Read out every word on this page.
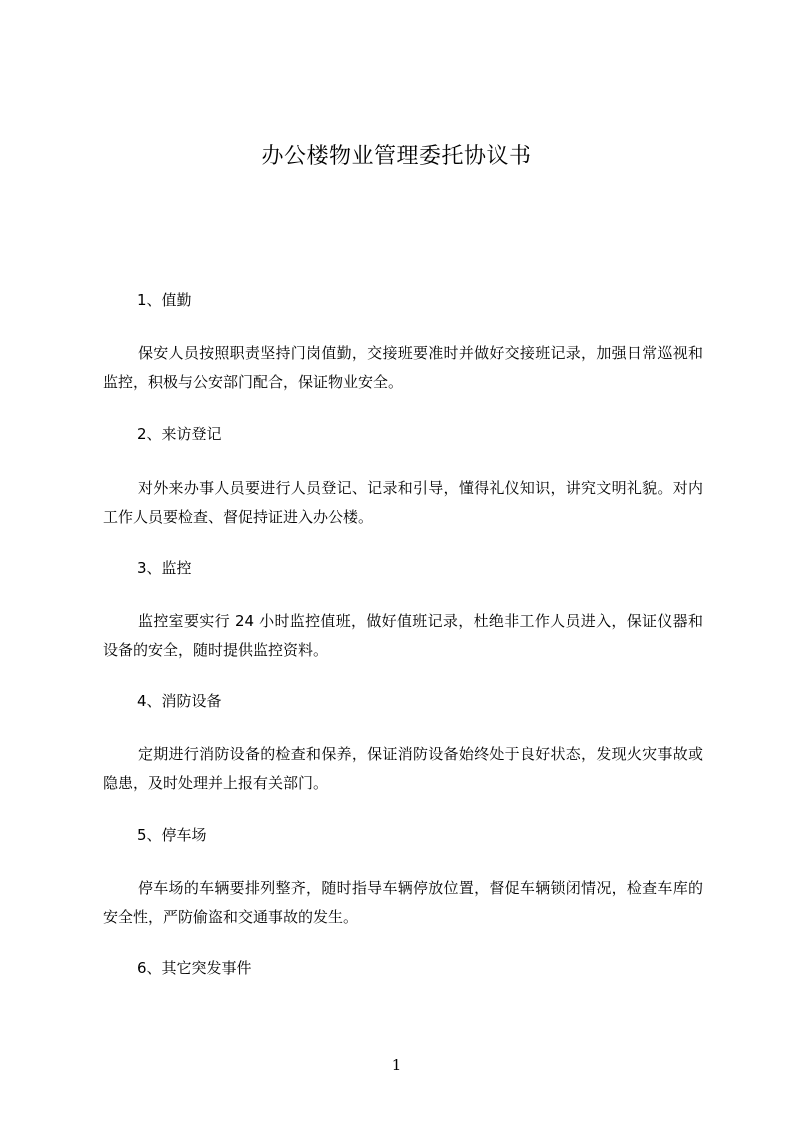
办公楼物业管理委托协议书
1、值勤
保安人员按照职责坚持门岗值勤，交接班要准时并做好交接班记录，加强日常巡视和监控，积极与公安部门配合，保证物业安全。
2、来访登记
对外来办事人员要进行人员登记、记录和引导，懂得礼仪知识，讲究文明礼貌。对内工作人员要检查、督促持证进入办公楼。
3、监控
监控室要实行 24 小时监控值班，做好值班记录，杜绝非工作人员进入，保证仪器和设备的安全，随时提供监控资料。
4、消防设备
定期进行消防设备的检查和保养，保证消防设备始终处于良好状态，发现火灾事故或隐患，及时处理并上报有关部门。
5、停车场
停车场的车辆要排列整齐，随时指导车辆停放位置，督促车辆锁闭情况，检查车库的安全性，严防偷盗和交通事故的发生。
6、其它突发事件
1
